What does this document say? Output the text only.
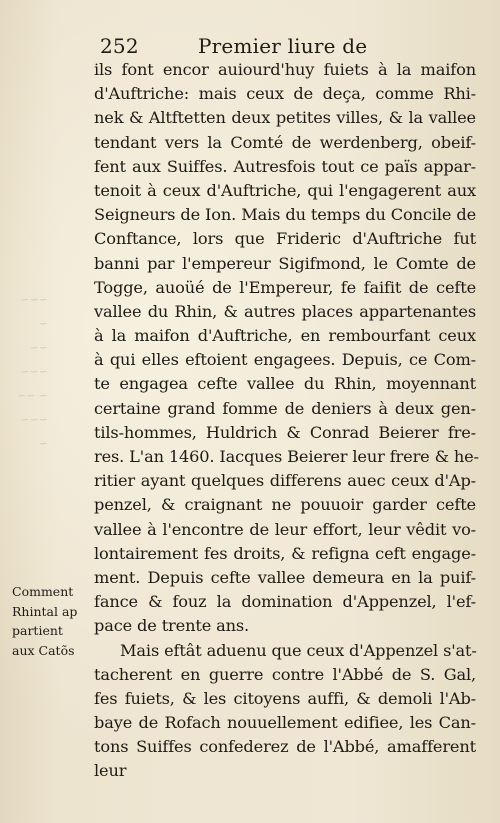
~~~ ~
~~ ~~~
~ ~~
~~~ ~
252	Premier liure de
ils font encor auiourd'huy fuiets à la maifon
d'Auftriche: mais ceux de deça, comme Rhi-
nek & Altftetten deux petites villes, & la vallee
tendant vers la Comté de werdenberg, obeif-
fent aux Suiffes. Autresfois tout ce païs appar-
tenoit à ceux d'Auftriche, qui l'engagerent aux
Seigneurs de Ion. Mais du temps du Concile de
Conftance, lors que Frideric d'Auftriche fut
banni par l'empereur Sigifmond, le Comte de
Togge, auoüé de l'Empereur, fe faifit de cefte
vallee du Rhin, & autres places appartenantes
à la maifon d'Auftriche, en rembourfant ceux
à qui elles eftoient engagees. Depuis, ce Com-
te engagea cefte vallee du Rhin, moyennant
certaine grand fomme de deniers à deux gen-
tils-hommes, Huldrich & Conrad Beierer fre-
res. L'an 1460. Iacques Beierer leur frere & he-
ritier ayant quelques differens auec ceux d'Ap-
penzel, & craignant ne pouuoir garder cefte
vallee à l'encontre de leur effort, leur vêdit vo-
lontairement fes droits, & refigna ceft engage-
ment. Depuis cefte vallee demeura en la puif-
fance & fouz la domination d'Appenzel, l'ef-
pace de trente ans.
Mais eftât aduenu que ceux d'Appenzel s'at-
tacherent en guerre contre l'Abbé de S. Gal,
fes fuiets, & les citoyens auffi, & demoli l'Ab-
baye de Rofach nouuellement edifiee, les Can-
tons Suiffes confederez de l'Abbé, amafferent
leur
Comment
Rhintal ap
partient
aux Catõs
